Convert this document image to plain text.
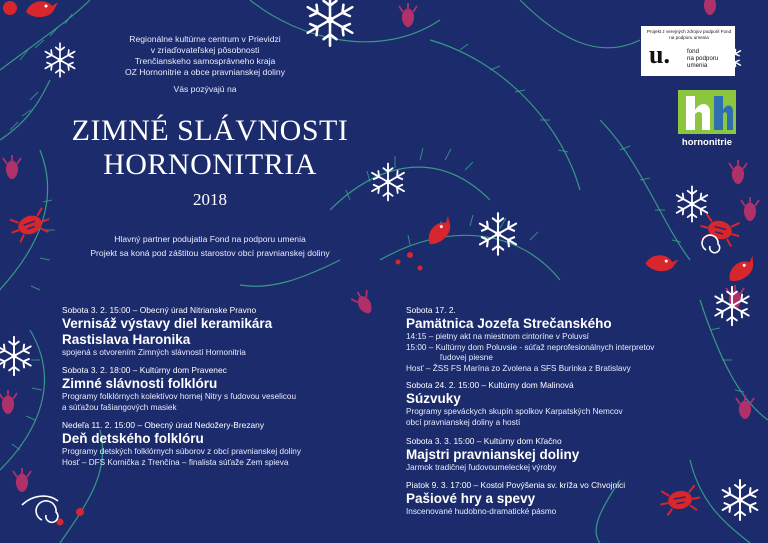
Regionálne kultúrne centrum v Prievidzi
v zriaďovateľskej pôsobnosti
Trenčianskeho samosprávneho kraja
OZ Hornonitrie a obce pravnianskej doliny
Vás pozývajú na
ZIMNÉ SLÁVNOSTI
HORNONITRIA
2018
Hlavný partner podujatia Fond na podporu umenia
Projekt sa koná pod záštitou starostov obcí pravnianskej doliny
Projekt z verejných zdrojov podporil Fond na podporu umenia
u.	fond
na podporu
umenia
hornonitrie
Sobota 3. 2. 15:00 – Obecný úrad Nitrianske Pravno
Vernisáž výstavy diel keramikára
Rastislava Haronika
spojená s otvorením Zimných slávností Hornonitria
Sobota 3. 2. 18:00 – Kultúrny dom Pravenec
Zimné slávnosti folklóru
Programy folklórnych kolektívov hornej Nitry s ľudovou veselicou
a súťažou fašiangových masiek
Nedeľa 11. 2. 15:00 – Obecný úrad Nedožery-Brezany
Deň detského folklóru
Programy detských folklórnych súborov z obcí pravnianskej doliny
Hosť – DFS Kornička z Trenčína – finalista súťaže Zem spieva
Sobota 17. 2.
Pamätnica Jozefa Strečanského
14:15 – pietny akt na miestnom cintoríne v Poluvsí
15:00 – Kultúrny dom Poluvsie - súťaž neprofesionálnych interpretov
ľudovej piesne
Hosť – ŽSS FS Marína zo Zvolena a SFS Burinka z Bratislavy
Sobota 24. 2. 15:00 – Kultúrny dom Malinová
Súzvuky
Programy speváckych skupín spolkov Karpatských Nemcov
obcí pravnianskej doliny a hostí
Sobota 3. 3. 15:00 – Kultúrny dom Kľačno
Majstri pravnianskej doliny
Jarmok tradičnej ľudovoumeleckej výroby
Piatok 9. 3. 17:00 – Kostol Povýšenia sv. kríža vo Chvojnici
Pašiové hry a spevy
Inscenované hudobno-dramatické pásmo
